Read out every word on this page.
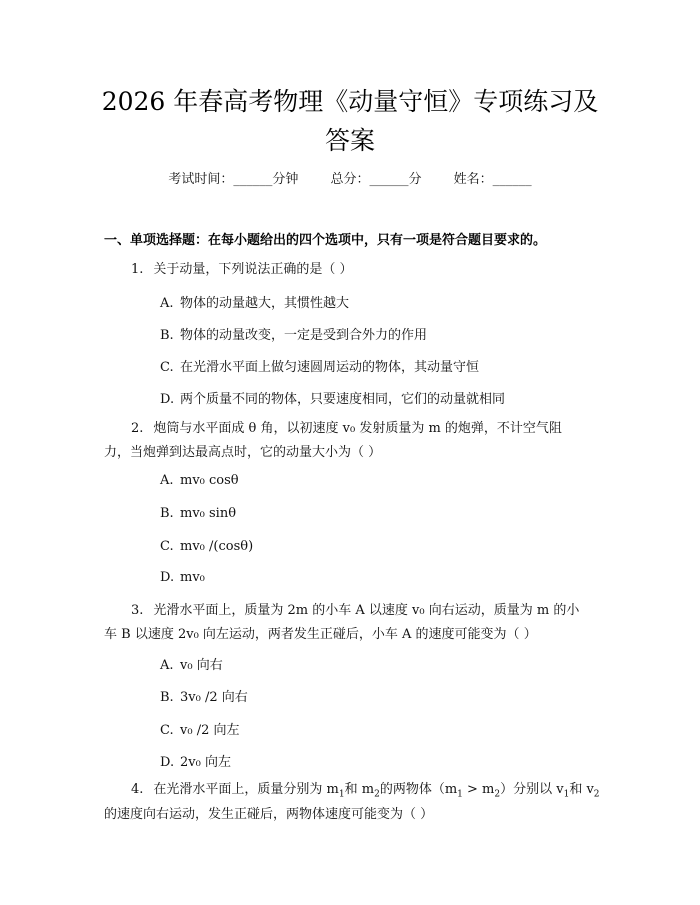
2026 年春高考物理《动量守恒》专项练习及
答案
考试时间：______分钟 总分：______分 姓名：______
一、单项选择题：在每小题给出的四个选项中，只有一项是符合题目要求的。
1. 关于动量，下列说法正确的是（ ）
A. 物体的动量越大，其惯性越大
B. 物体的动量改变，一定是受到合外力的作用
C. 在光滑水平面上做匀速圆周运动的物体，其动量守恒
D. 两个质量不同的物体，只要速度相同，它们的动量就相同
2. 炮筒与水平面成 θ 角，以初速度 v₀ 发射质量为 m 的炮弹，不计空气阻
力，当炮弹到达最高点时，它的动量大小为（ ）
A. mv₀ cosθ
B. mv₀ sinθ
C. mv₀ /(cosθ)
D. mv₀
3. 光滑水平面上，质量为 2m 的小车 A 以速度 v₀ 向右运动，质量为 m 的小
车 B 以速度 2v₀ 向左运动，两者发生正碰后，小车 A 的速度可能变为（ ）
A. v₀ 向右
B. 3v₀ /2 向右
C. v₀ /2 向左
D. 2v₀ 向左
4. 在光滑水平面上，质量分别为 $m_1$和 $m_2$的两物体$(m_1 > m_2)$分别以 $v_1$和 $v_2$
的速度向右运动，发生正碰后，两物体速度可能变为（ ）
